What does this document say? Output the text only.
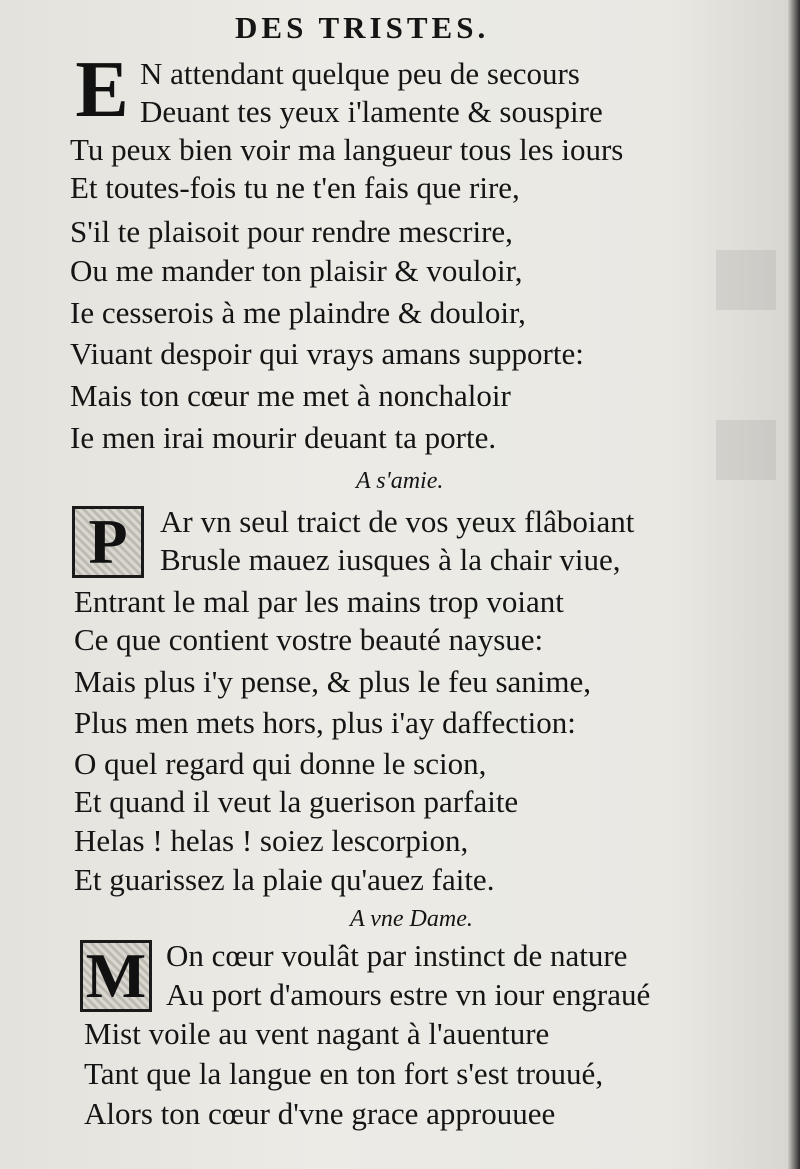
DES TRISTES.
E N attendant quelque peu de secours
Deuant tes yeux i'lamente & souspire
Tu peux bien voir ma langueur tous les iours
Et toutes-fois tu ne t'en fais que rire,
S'il te plaisoit pour rendre mescrire,
Ou me mander ton plaisir & vouloir,
Ie cesserois à me plaindre & douloir,
Viuant despoir qui vrays amans supporte:
Mais ton cœur me met à nonchaloir
Ie men irai mourir deuant ta porte.
A s'amie.
P	Ar vn seul traict de vos yeux flâboiant
Brusle mauez iusques à la chair viue,
Entrant le mal par les mains trop voiant
Ce que contient vostre beauté naysue:
Mais plus i'y pense, & plus le feu sanime,
Plus men mets hors, plus i'ay daffection:
O quel regard qui donne le scion,
Et quand il veut la guerison parfaite
Helas ! helas ! soiez lescorpion,
Et guarissez la plaie qu'auez faite.
A vne Dame.
M On cœur voulât par instinct de nature
Au port d'amours estre vn iour engraué
Mist voile au vent nagant à l'auenture
Tant que la langue en ton fort s'est trouué,
Alors ton cœur d'vne grace approuuee
